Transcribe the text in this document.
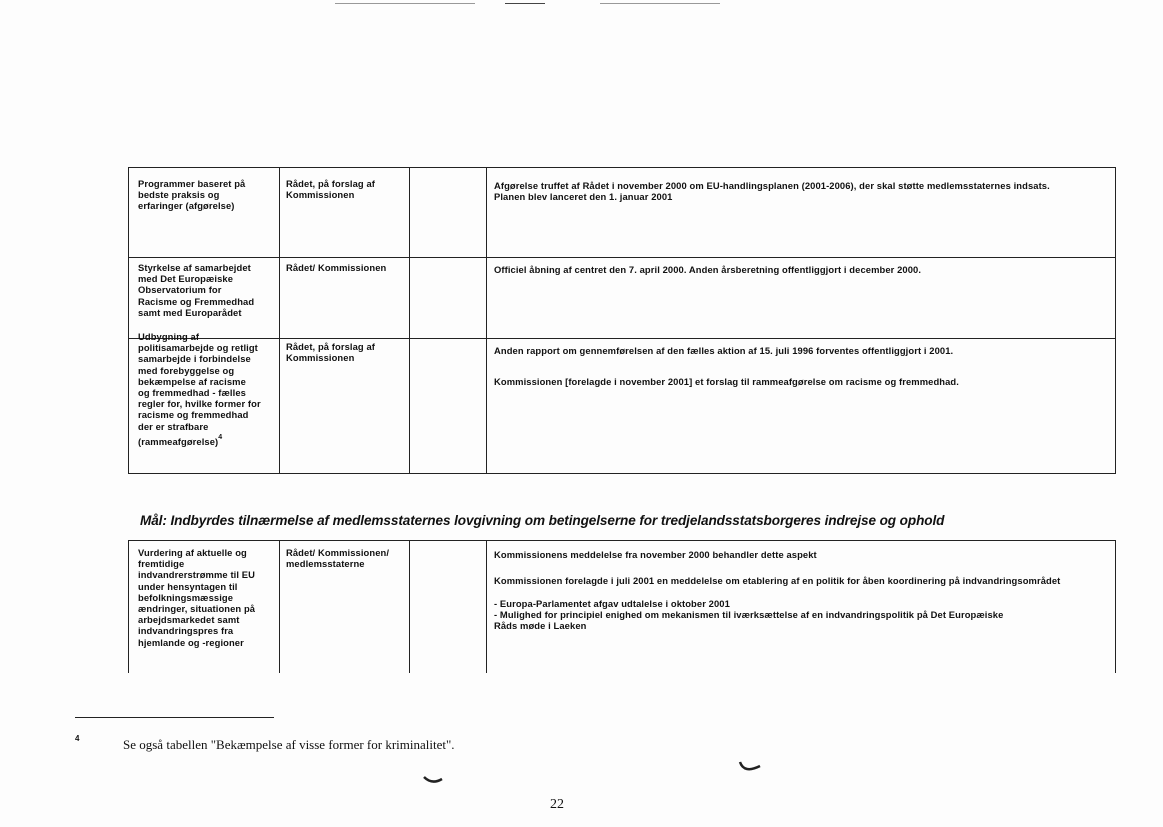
Programmer baseret på
bedste praksis og
erfaringer (afgørelse)
Rådet, på forslag af
Kommissionen
Afgørelse truffet af Rådet i november 2000 om EU-handlingsplanen (2001-2006), der skal støtte medlemsstaternes indsats.
Planen blev lanceret den 1. januar 2001
Styrkelse af samarbejdet
med Det Europæiske
Observatorium for
Racisme og Fremmedhad
samt med Europarådet
Rådet/ Kommissionen	Officiel åbning af centret den 7. april 2000. Anden årsberetning offentliggjort i december 2000.
Udbygning af
politisamarbejde og retligt
samarbejde i forbindelse
med forebyggelse og
bekæmpelse af racisme
og fremmedhad - fælles
regler for, hvilke former for
racisme og fremmedhad
der er strafbare
(rammeafgørelse)$^4$
Rådet, på forslag af
Kommissionen
Anden rapport om gennemførelsen af den fælles aktion af 15. juli 1996 forventes offentliggjort i 2001.
Kommissionen [forelagde i november 2001] et forslag til rammeafgørelse om racisme og fremmedhad.
Mål: Indbyrdes tilnærmelse af medlemsstaternes lovgivning om betingelserne for tredjelandsstatsborgeres indrejse og ophold
Vurdering af aktuelle og
fremtidige
indvandrerstrømme til EU
under hensyntagen til
befolkningsmæssige
ændringer, situationen på
arbejdsmarkedet samt
indvandringspres fra
hjemlande og -regioner
Rådet/ Kommissionen/
medlemsstaterne
Kommissionens meddelelse fra november 2000 behandler dette aspekt
Kommissionen forelagde i juli 2001 en meddelelse om etablering af en politik for åben koordinering på indvandringsområdet
- Europa-Parlamentet afgav udtalelse i oktober 2001
- Mulighed for principiel enighed om mekanismen til iværksættelse af en indvandringspolitik på Det Europæiske
Råds møde i Laeken
4	Se også tabellen "Bekæmpelse af visse former for kriminalitet".
22
